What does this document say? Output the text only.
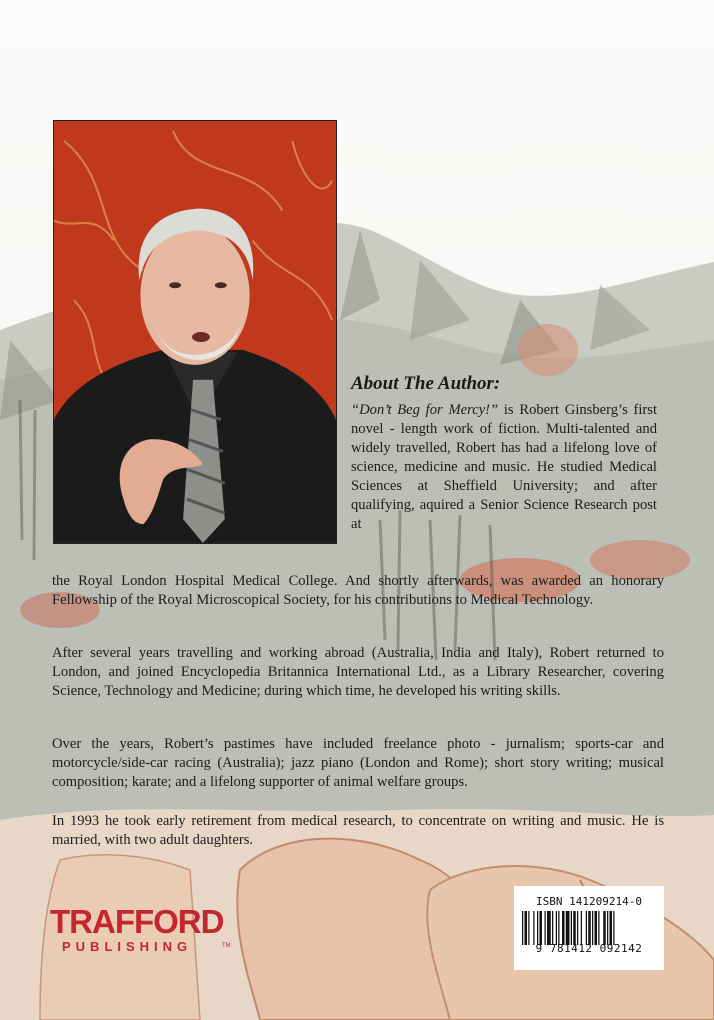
About The Author:

“Don’t Beg for Mercy!” is Robert Ginsberg’s first novel - length work of fiction. Multi-talented and widely travelled, Robert has had a lifelong love of science, medicine and music. He studied Medical Sciences at Sheffield University; and after qualifying, aquired a Senior Science Research post at

the Royal London Hospital Medical College. And shortly afterwards, was awarded an honorary Fellowship of the Royal Microscopical Society, for his contributions to Medical Technology.

After several years travelling and working abroad (Australia, India and Italy), Robert returned to London, and joined Encyclopedia Britannica International Ltd., as a Library Researcher, covering Science, Technology and Medicine; during which time, he developed his writing skills.

Over the years, Robert’s pastimes have included freelance photo - jurnalism; sports-car and motorcycle/side-car racing (Australia); jazz piano (London and Rome); short story writing; musical composition; karate; and a lifelong supporter of animal welfare groups.

In 1993 he took early retirement from medical research, to concentrate on writing and music. He is married, with two adult daughters.

TRAFFORD
PUBLISHING	TM
ISBN 141209214-0
9 781412 092142
